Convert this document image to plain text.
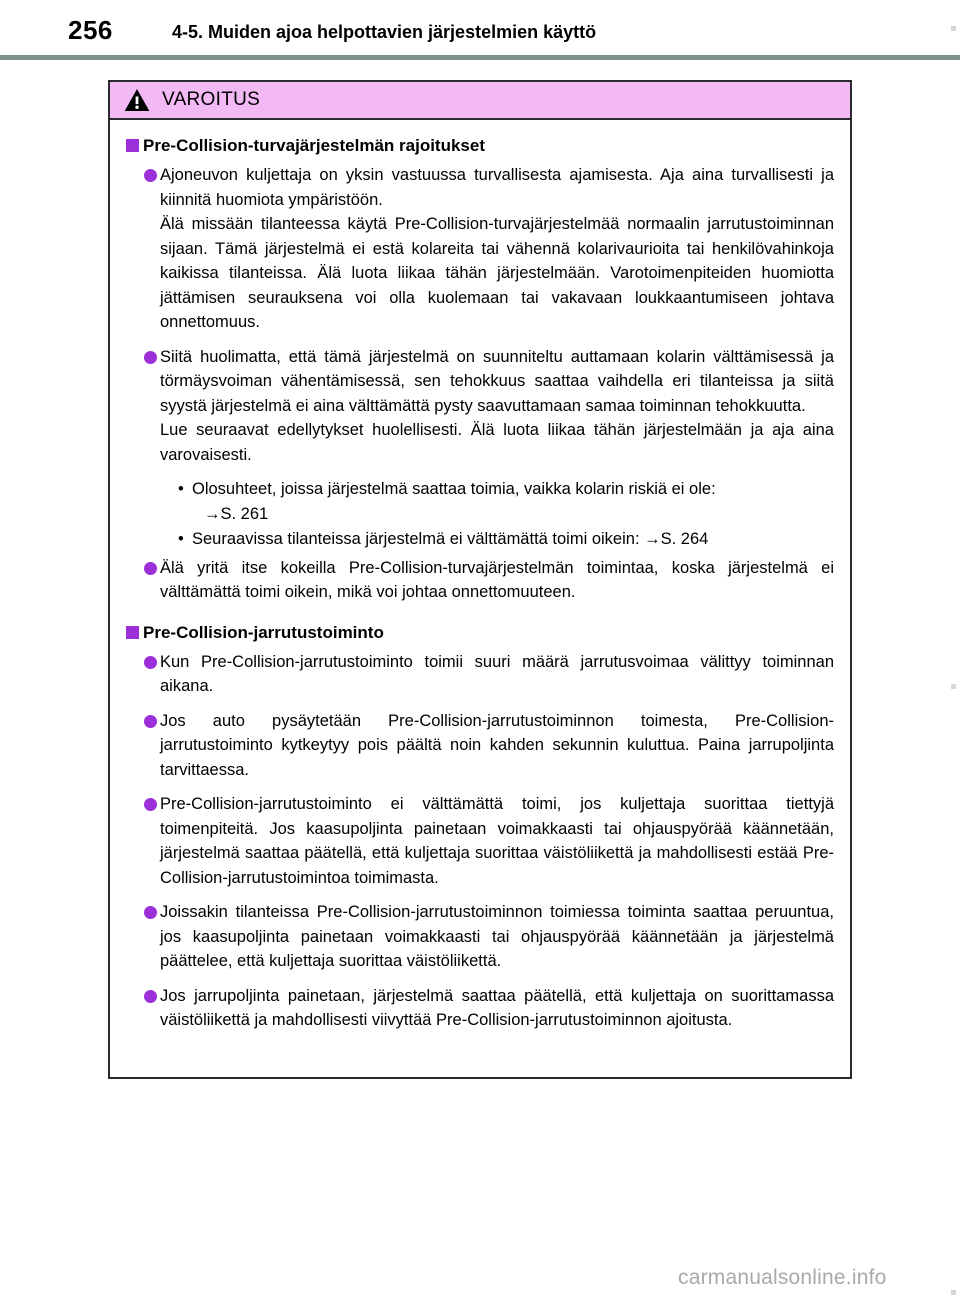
256	4-5. Muiden ajoa helpottavien järjestelmien käyttö
VAROITUS
Pre-Collision-turvajärjestelmän rajoitukset

Ajoneuvon kuljettaja on yksin vastuussa turvallisesta ajamisesta. Aja aina turvallisesti ja kiinnitä huomiota ympäristöön.

Älä missään tilanteessa käytä Pre-Collision-turvajärjestelmää normaalin jarrutustoiminnan sijaan. Tämä järjestelmä ei estä kolareita tai vähennä kolarivaurioita tai henkilövahinkoja kaikissa tilanteissa. Älä luota liikaa tähän järjestelmään. Varotoimenpiteiden huomiotta jättämisen seurauksena voi olla kuolemaan tai vakavaan loukkaantumiseen johtava onnettomuus.

Siitä huolimatta, että tämä järjestelmä on suunniteltu auttamaan kolarin välttämisessä ja törmäysvoiman vähentämisessä, sen tehokkuus saattaa vaihdella eri tilanteissa ja siitä syystä järjestelmä ei aina välttämättä pysty saavuttamaan samaa toiminnan tehokkuutta.

Lue seuraavat edellytykset huolellisesti. Älä luota liikaa tähän järjestelmään ja aja aina varovaisesti.

• Olosuhteet, joissa järjestelmä saattaa toimia, vaikka kolarin riskiä ei ole:
→S. 261
• Seuraavissa tilanteissa järjestelmä ei välttämättä toimi oikein: →S. 264

Älä yritä itse kokeilla Pre-Collision-turvajärjestelmän toimintaa, koska järjestelmä ei välttämättä toimi oikein, mikä voi johtaa onnettomuuteen.

Pre-Collision-jarrutustoiminto

Kun Pre-Collision-jarrutustoiminto toimii suuri määrä jarrutusvoimaa välittyy toiminnan aikana.

Jos auto pysäytetään Pre-Collision-jarrutustoiminnon toimesta, Pre-Collision-jarrutustoiminto kytkeytyy pois päältä noin kahden sekunnin kuluttua. Paina jarrupoljinta tarvittaessa.

Pre-Collision-jarrutustoiminto ei välttämättä toimi, jos kuljettaja suorittaa tiettyjä toimenpiteitä. Jos kaasupoljinta painetaan voimakkaasti tai ohjauspyörää käännetään, järjestelmä saattaa päätellä, että kuljettaja suorittaa väistöliikettä ja mahdollisesti estää Pre-Collision-jarrutustoimintoa toimimasta.

Joissakin tilanteissa Pre-Collision-jarrutustoiminnon toimiessa toiminta saattaa peruuntua, jos kaasupoljinta painetaan voimakkaasti tai ohjauspyörää käännetään ja järjestelmä päättelee, että kuljettaja suorittaa väistöliikettä.

Jos jarrupoljinta painetaan, järjestelmä saattaa päätellä, että kuljettaja on suorittamassa väistöliikettä ja mahdollisesti viivyttää Pre-Collision-jarrutustoiminnon ajoitusta.

carmanualsonline.info
